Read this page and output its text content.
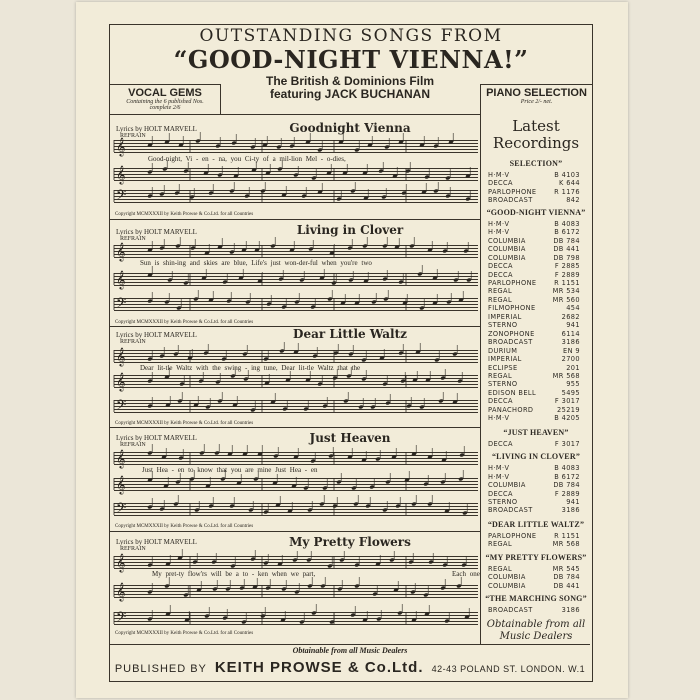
OUTSTANDING SONGS FROM
“GOOD-NIGHT VIENNA!”
The British & Dominions Film
featuring JACK BUCHANAN
VOCAL GEMS
Containing the 6 published Nos.
complete 2/6
PIANO SELECTION
Price 2/- net.
Lyrics by HOLT MARVELL
REFRAIN
Goodnight Vienna
Good-night, Vi - en - na, you Ci-ty of a mil-lion Mel - o-dies,
Copyright MCMXXXII by Keith Prowse & Co.Ltd. for all Countries
Lyrics by HOLT MARVELL
REFRAIN
Living in Clover
Sun is shin-ing and skies are blue, Life's just won-der-ful when you're two
Copyright MCMXXXII by Keith Prowse & Co.Ltd. for all Countries
Lyrics by HOLT MARVELL
REFRAIN
Dear Little Waltz
Dear lit-tle Waltz with the swing - ing tune, Dear lit-tle Waltz that the
Copyright MCMXXXII by Keith Prowse & Co.Ltd. for all Countries
Lyrics by HOLT MARVELL
REFRAIN	Just Heaven
Just Hea - en to know that you are mine Just Hea - en
Copyright MCMXXXII by Keith Prowse & Co.Ltd. for all Countries
Lyrics by HOLT MARVELL
REFRAIN	My Pretty Flowers
My pret-ty flow'rs will be a to - ken when we part,	Each one
Copyright MCMXXXII by Keith Prowse & Co.Ltd. for all Countries
𝄞
𝄞
𝄢
𝄞
𝄞
𝄢
𝄞
𝄞
𝄢
𝄞
𝄞
𝄢
𝄞
𝄞
𝄢
Latest Recordings
SELECTION”
H·M·V	B 4103
DECCA	K 644
PARLOPHONE	R 1176
BROADCAST	842
“GOOD-NIGHT VIENNA”
H·M·V	B 4083
H·M·V	B 6172
COLUMBIA	DB 784
COLUMBIA	DB 441
COLUMBIA	DB 798
DECCA	F 2885
DECCA	F 2889
PARLOPHONE	R 1151
REGAL	MR 534
REGAL	MR 560
FILMOPHONE	454
IMPERIAL	2682
STERNO	941
ZONOPHONE	6114
BROADCAST	3186
DURIUM	EN 9
IMPERIAL	2700
ECLIPSE	201
REGAL	MR 568
STERNO	955
EDISON BELL	5495
DECCA	F 3017
PANACHORD	25219
H·M·V	B 4205
“JUST HEAVEN”
DECCA	F 3017
“LIVING IN CLOVER”
H·M·V	B 4083
H·M·V	B 6172
COLUMBIA	DB 784
DECCA	F 2889
STERNO	941
BROADCAST	3186
“DEAR LITTLE WALTZ”
PARLOPHONE	R 1151
REGAL	MR 568
“MY PRETTY FLOWERS”
REGAL	MR 545
COLUMBIA	DB 784
COLUMBIA	DB 441
“THE MARCHING SONG”
BROADCAST	3186
Obtainable from all Music Dealers
Obtainable from all Music Dealers
PUBLISHED BY KEITH PROWSE & Co.Ltd. 42-43 POLAND ST. LONDON. W.1
